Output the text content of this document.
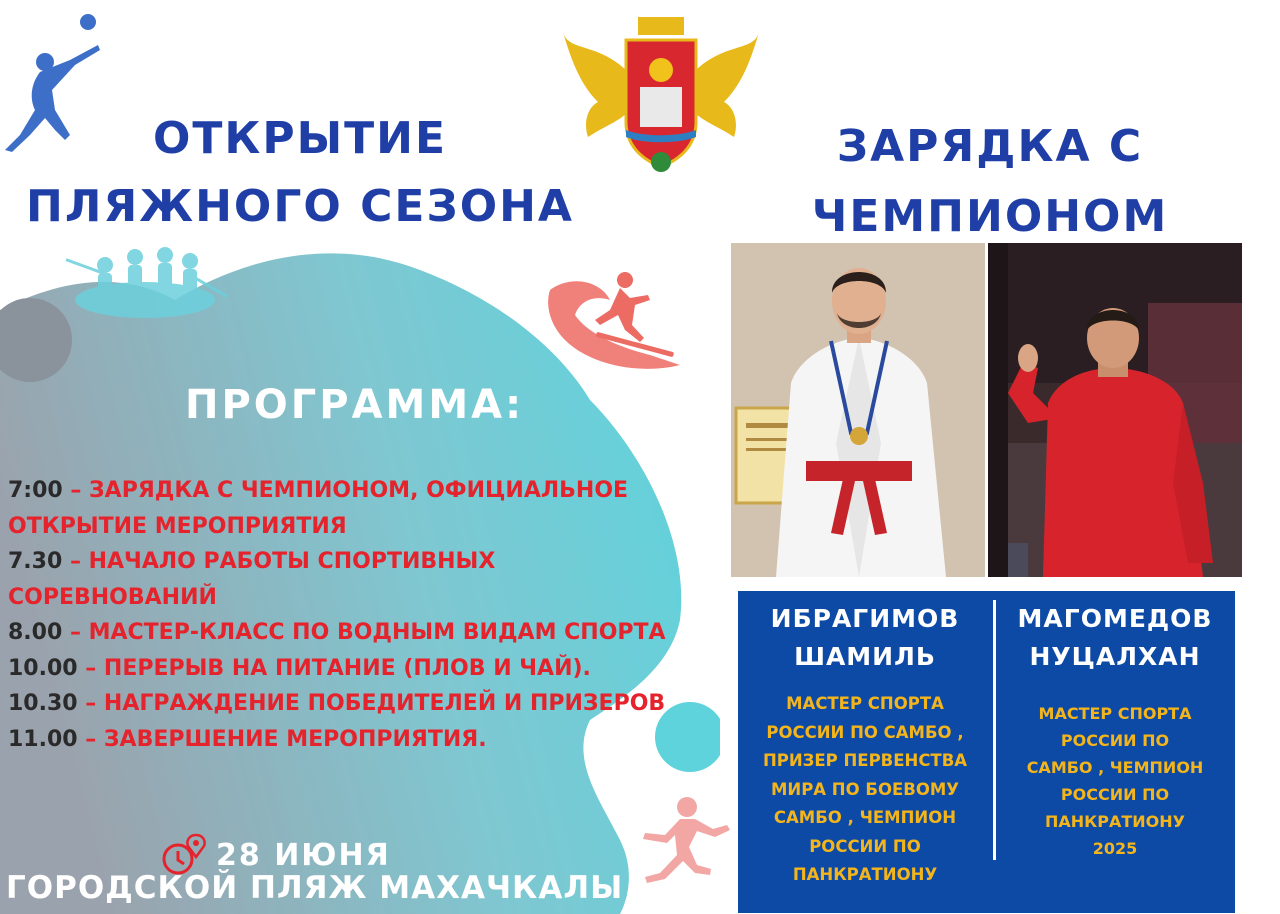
ОТКРЫТИЕ
ПЛЯЖНОГО СЕЗОНА
ЗАРЯДКА С
ЧЕМПИОНОМ
ПРОГРАММА:
7:00 – ЗАРЯДКА С ЧЕМПИОНОМ, ОФИЦИАЛЬНОЕ ОТКРЫТИЕ МЕРОПРИЯТИЯ
7.30 – НАЧАЛО РАБОТЫ СПОРТИВНЫХ СОРЕВНОВАНИЙ
8.00 – МАСТЕР-КЛАСС ПО ВОДНЫМ ВИДАМ СПОРТА
10.00 – ПЕРЕРЫВ НА ПИТАНИЕ (ПЛОВ И ЧАЙ).
10.30 – НАГРАЖДЕНИЕ ПОБЕДИТЕЛЕЙ И ПРИЗЕРОВ
11.00 – ЗАВЕРШЕНИЕ МЕРОПРИЯТИЯ.
28 ИЮНЯ
ГОРОДСКОЙ ПЛЯЖ МАХАЧКАЛЫ
ИБРАГИМОВ
ШАМИЛЬ
МАГОМЕДОВ
НУЦАЛХАН
МАСТЕР СПОРТА
РОССИИ ПО САМБО ,
ПРИЗЕР ПЕРВЕНСТВА
МИРА ПО БОЕВОМУ
САМБО , ЧЕМПИОН
РОССИИ ПО
ПАНКРАТИОНУ
МАСТЕР СПОРТА
РОССИИ ПО
САМБО , ЧЕМПИОН
РОССИИ ПО
ПАНКРАТИОНУ
2025
